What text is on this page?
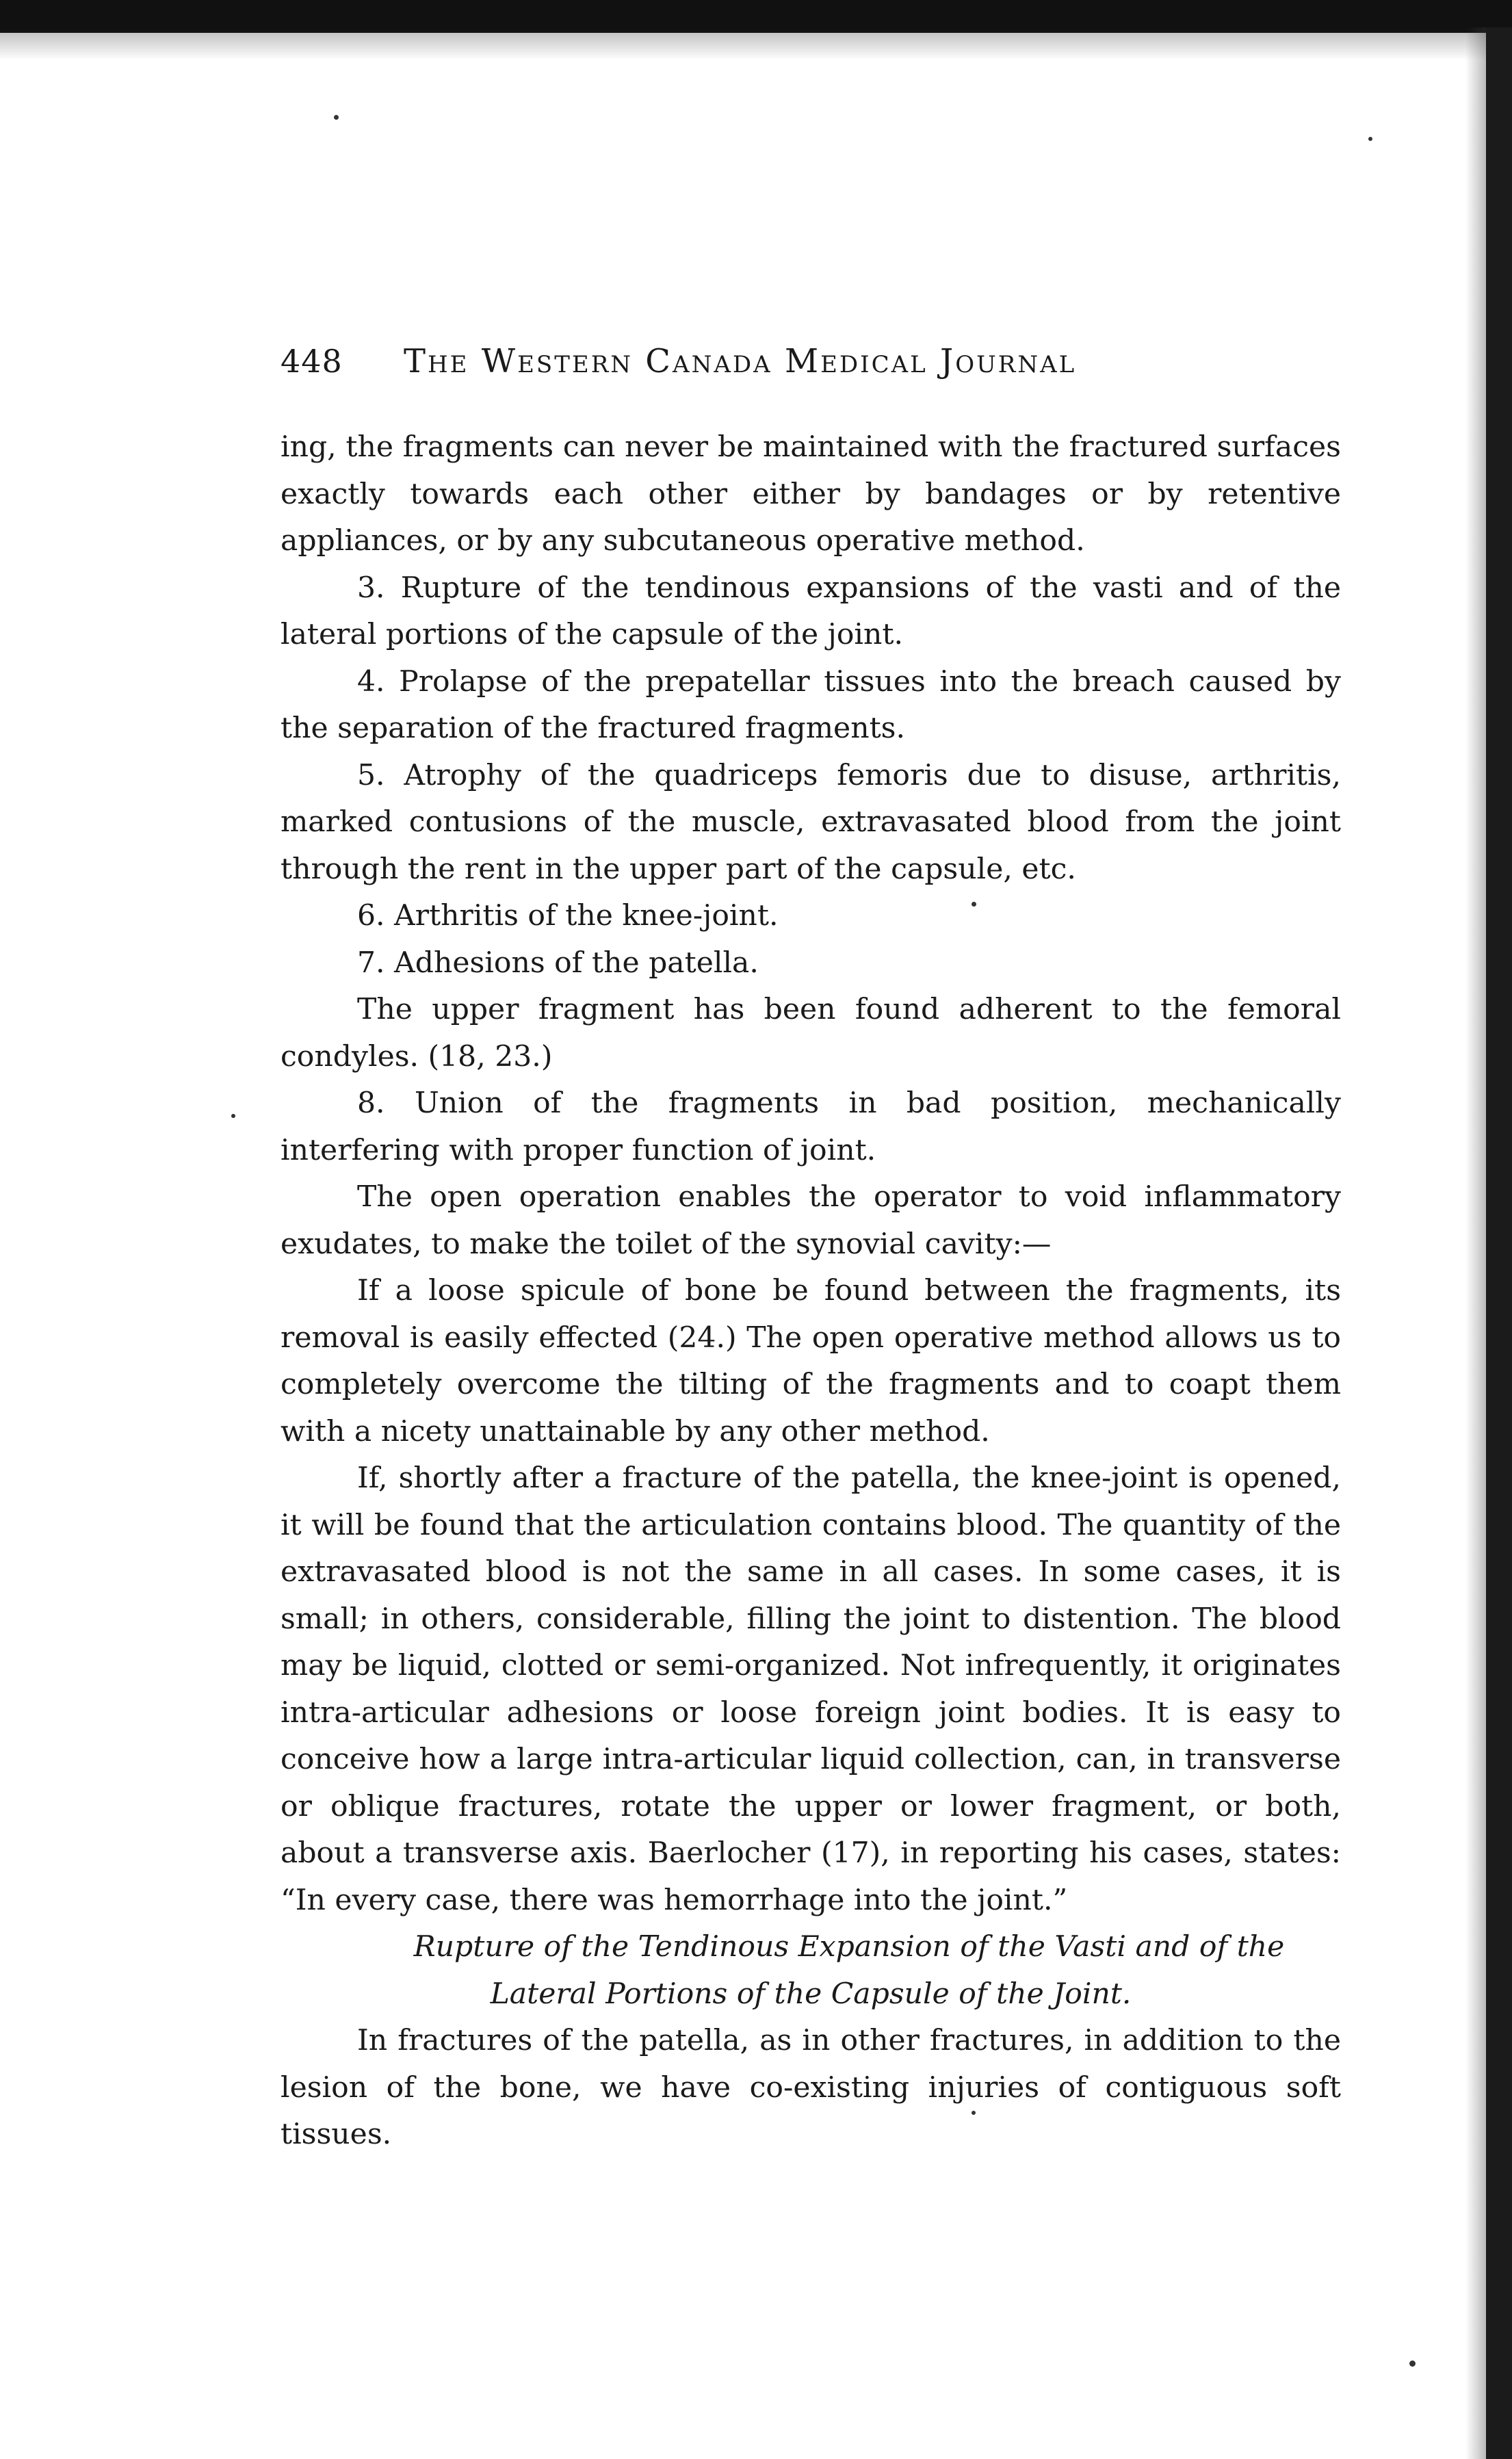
448	The Western Canada Medical Journal

ing, the fragments can never be maintained with the fractured surfaces exactly towards each other either by bandages or by retentive appliances, or by any subcutaneous operative method.

3. Rupture of the tendinous expansions of the vasti and of the lateral portions of the capsule of the joint.

4. Prolapse of the prepatellar tissues into the breach caused by the separation of the fractured fragments.

5. Atrophy of the quadriceps femoris due to disuse, arthritis, marked contusions of the muscle, extravasated blood from the joint through the rent in the upper part of the capsule, etc.

6. Arthritis of the knee-joint.

7. Adhesions of the patella.

The upper fragment has been found adherent to the femoral condyles. (18, 23.)

8. Union of the fragments in bad position, mechanically interfering with proper function of joint.

The open operation enables the operator to void inflammatory exudates, to make the toilet of the synovial cavity:—

If a loose spicule of bone be found between the fragments, its removal is easily effected (24.) The open operative method allows us to completely overcome the tilting of the fragments and to coapt them with a nicety unattainable by any other method.

If, shortly after a fracture of the patella, the knee-joint is opened, it will be found that the articulation contains blood. The quantity of the extravasated blood is not the same in all cases. In some cases, it is small; in others, considerable, filling the joint to distention. The blood may be liquid, clotted or semi-organized. Not infrequently, it originates intra-articular adhesions or loose foreign joint bodies. It is easy to conceive how a large intra-articular liquid collection, can, in transverse or oblique fractures, rotate the upper or lower fragment, or both, about a transverse axis. Baerlocher (17), in reporting his cases, states: “In every case, there was hemorrhage into the joint.”

Rupture of the Tendinous Expansion of the Vasti and of the Lateral Portions of the Capsule of the Joint.

In fractures of the patella, as in other fractures, in addition to the lesion of the bone, we have co-existing injuries of contiguous soft tissues.
